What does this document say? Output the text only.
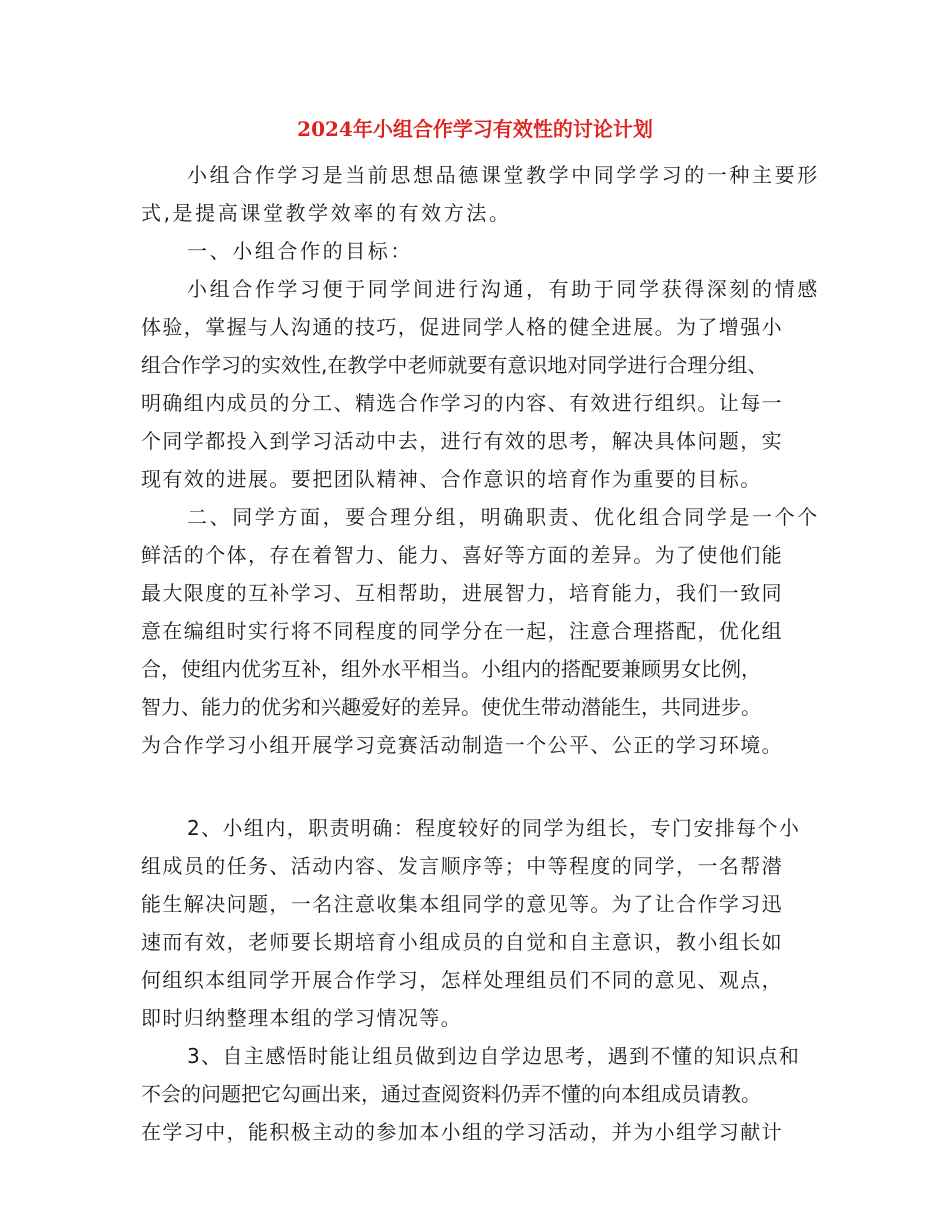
2024年小组合作学习有效性的讨论计划
小组合作学习是当前思想品德课堂教学中同学学习的一种主要形
式,是提高课堂教学效率的有效方法。
一、小组合作的目标：
小组合作学习便于同学间进行沟通，有助于同学获得深刻的情感
体验，掌握与人沟通的技巧，促进同学人格的健全进展。为了增强小
组合作学习的实效性,在教学中老师就要有意识地对同学进行合理分组、
明确组内成员的分工、精选合作学习的内容、有效进行组织。让每一
个同学都投入到学习活动中去，进行有效的思考，解决具体问题，实
现有效的进展。要把团队精神、合作意识的培育作为重要的目标。
二、同学方面，要合理分组，明确职责、优化组合同学是一个个
鲜活的个体，存在着智力、能力、喜好等方面的差异。为了使他们能
最大限度的互补学习、互相帮助，进展智力，培育能力，我们一致同
意在编组时实行将不同程度的同学分在一起，注意合理搭配，优化组
合，使组内优劣互补，组外水平相当。小组内的搭配要兼顾男女比例，
智力、能力的优劣和兴趣爱好的差异。使优生带动潜能生，共同进步。
为合作学习小组开展学习竞赛活动制造一个公平、公正的学习环境。
2、小组内，职责明确：程度较好的同学为组长，专门安排每个小
组成员的任务、活动内容、发言顺序等；中等程度的同学，一名帮潜
能生解决问题，一名注意收集本组同学的意见等。为了让合作学习迅
速而有效，老师要长期培育小组成员的自觉和自主意识，教小组长如
何组织本组同学开展合作学习，怎样处理组员们不同的意见、观点，
即时归纳整理本组的学习情况等。
3、自主感悟时能让组员做到边自学边思考，遇到不懂的知识点和
不会的问题把它勾画出来，通过查阅资料仍弄不懂的向本组成员请教。
在学习中，能积极主动的参加本小组的学习活动，并为小组学习献计
